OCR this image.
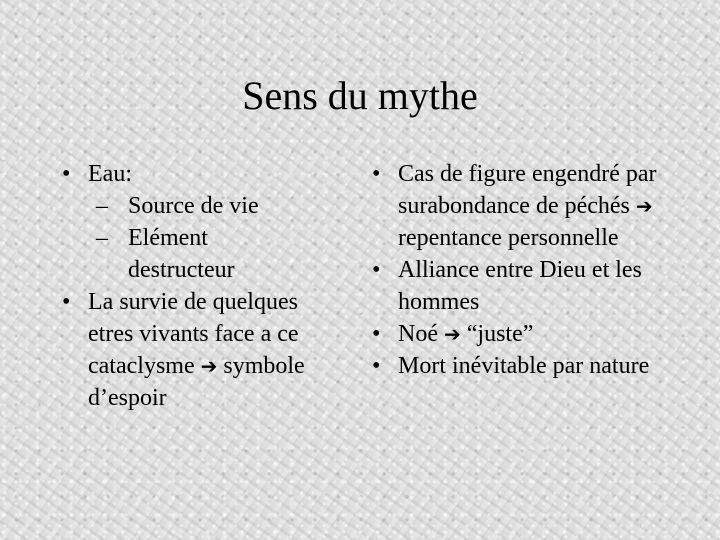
Sens du mythe
• Eau:
– Source de vie
– Elément destructeur
• La survie de quelques etres vivants face a ce cataclysme ➔ symbole d’espoir
• Cas de figure engendré par surabondance de péchés ➔ repentance personnelle
• Alliance entre Dieu et les hommes
• Noé ➔ “juste”
• Mort inévitable par nature
